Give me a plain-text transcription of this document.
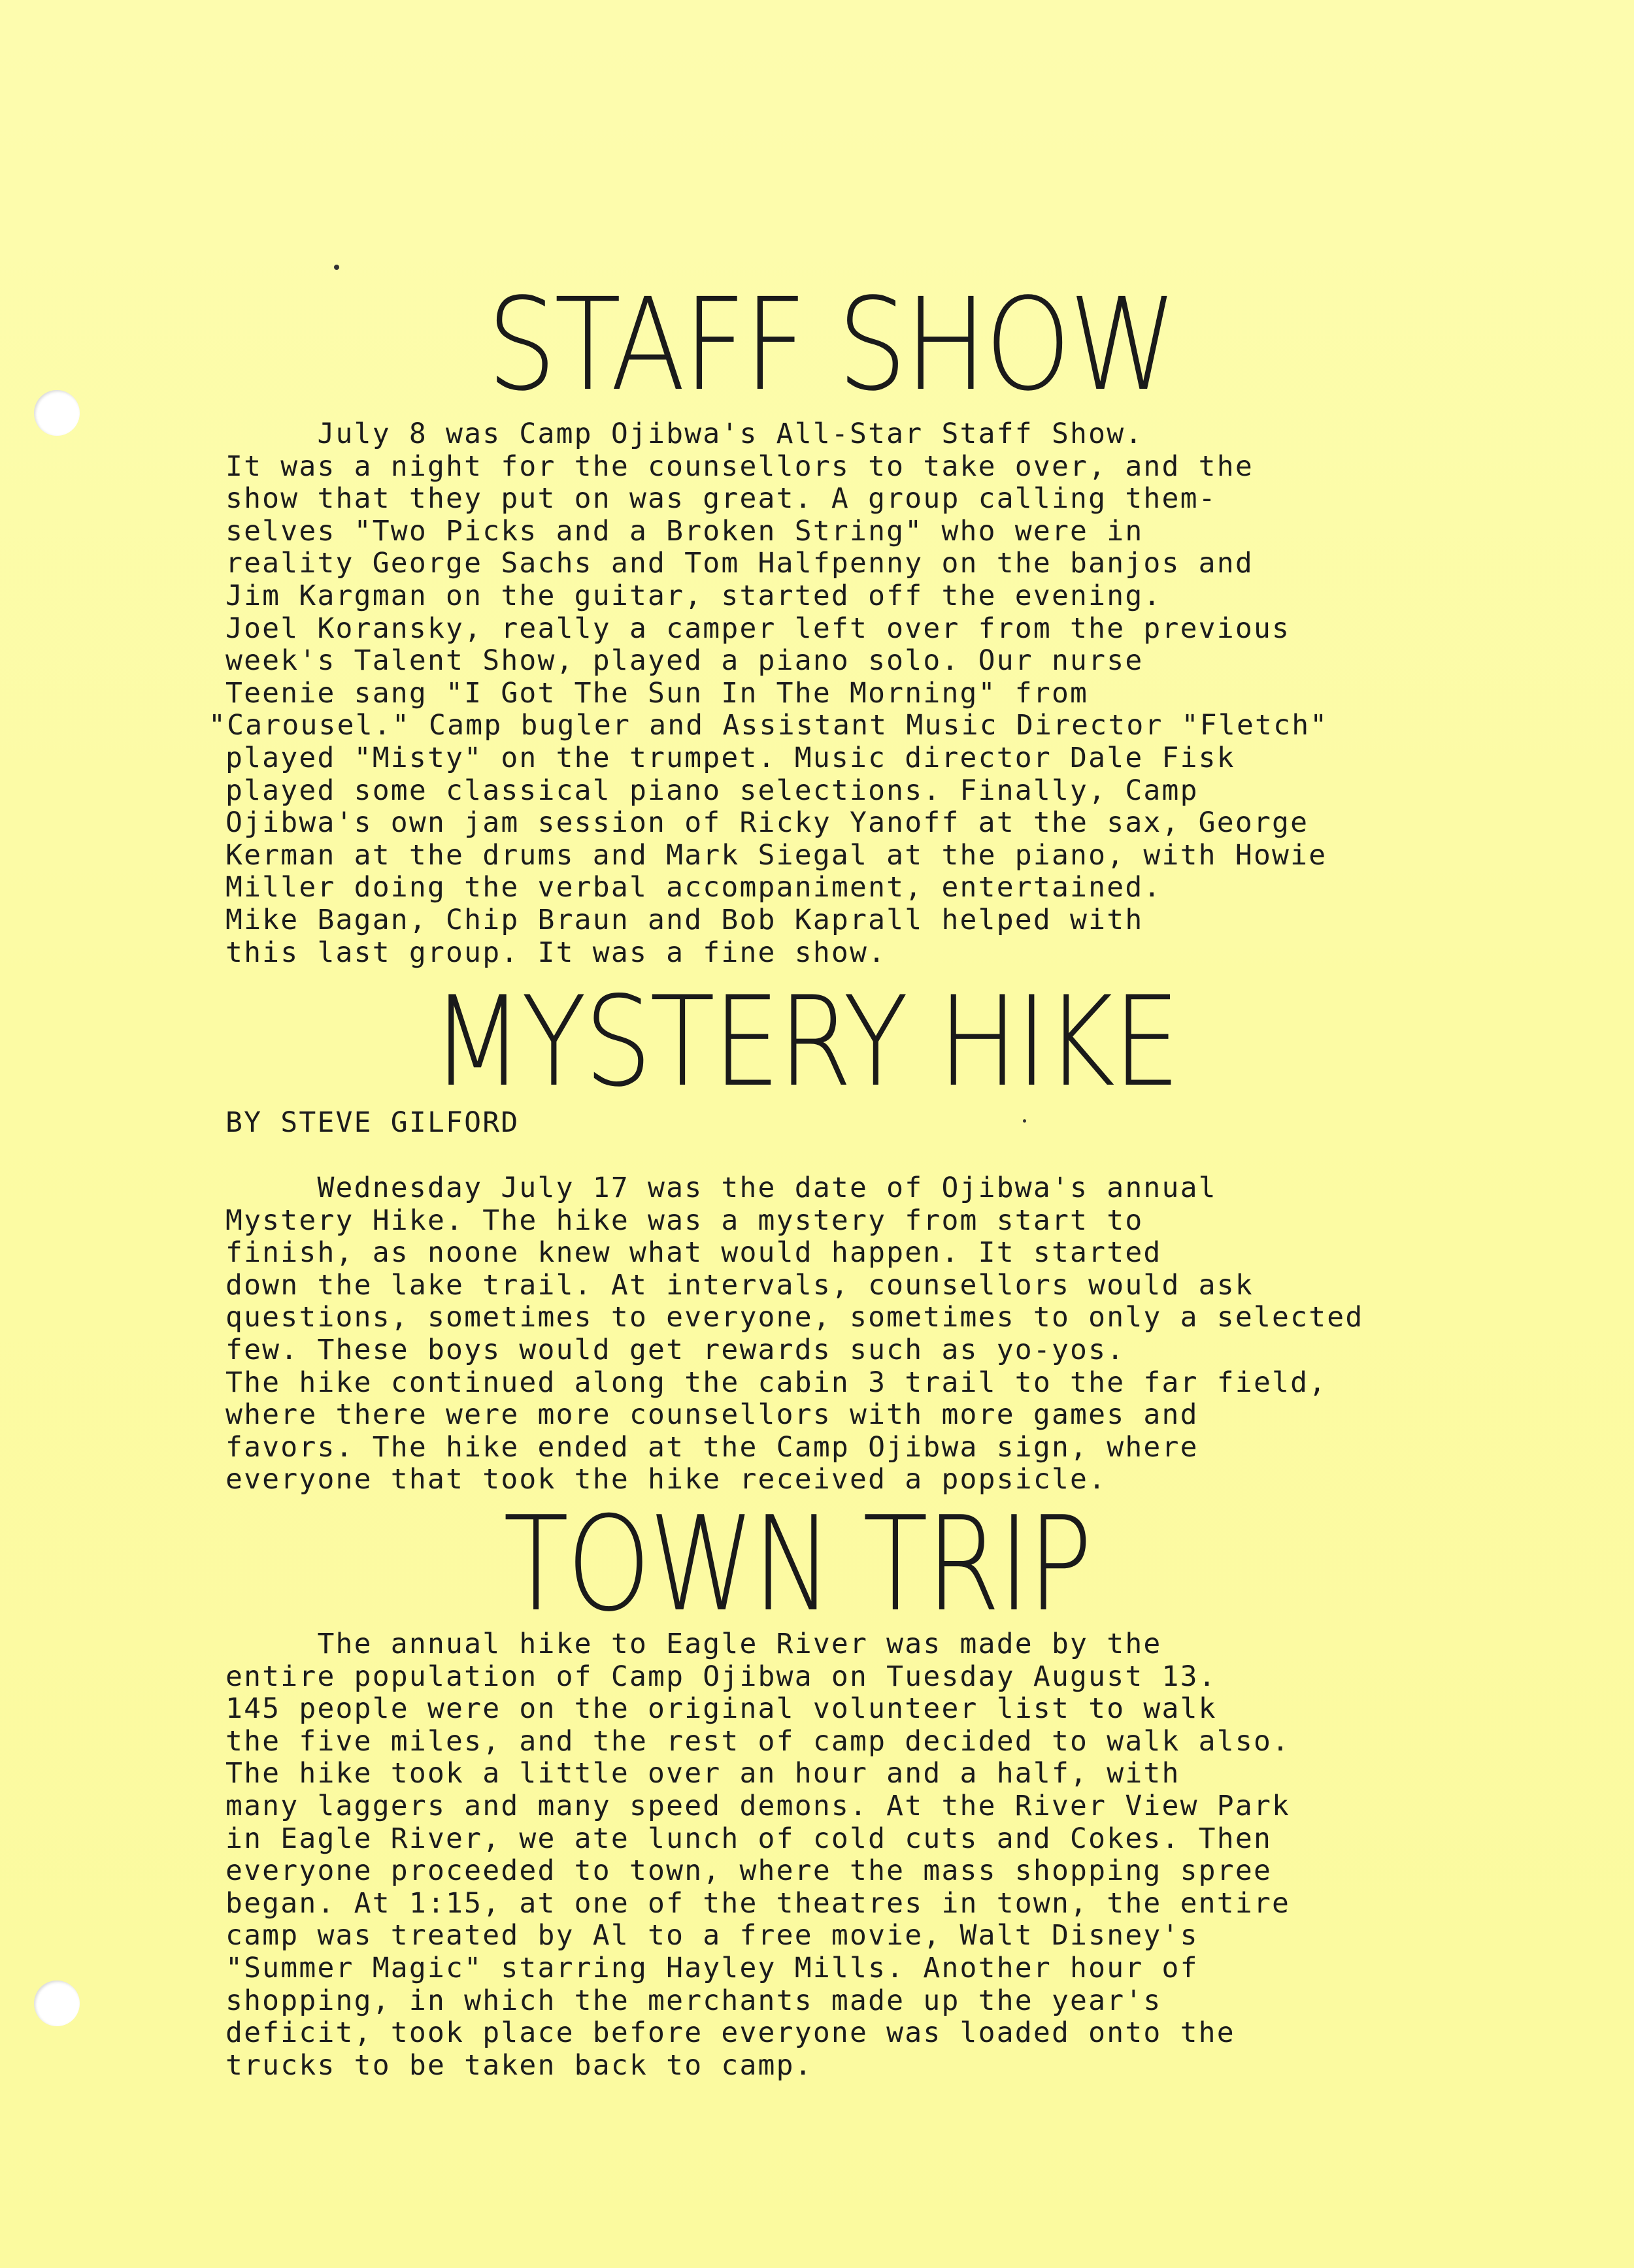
STAFF SHOW
July 8 was Camp Ojibwa's All-Star Staff Show.
It was a night for the counsellors to take over, and the
show that they put on was great. A group calling them-
selves "Two Picks and a Broken String" who were in
reality George Sachs and Tom Halfpenny on the banjos and
Jim Kargman on the guitar, started off the evening.
Joel Koransky, really a camper left over from the previous
week's Talent Show, played a piano solo. Our nurse
Teenie sang "I Got The Sun In The Morning" from
"Carousel." Camp bugler and Assistant Music Director "Fletch"
played "Misty" on the trumpet. Music director Dale Fisk
played some classical piano selections. Finally, Camp
Ojibwa's own jam session of Ricky Yanoff at the sax, George
Kerman at the drums and Mark Siegal at the piano, with Howie
Miller doing the verbal accompaniment, entertained.
Mike Bagan, Chip Braun and Bob Kaprall helped with
this last group. It was a fine show.
MYSTERY HIKE
BY STEVE GILFORD
Wednesday July 17 was the date of Ojibwa's annual
Mystery Hike. The hike was a mystery from start to
finish, as noone knew what would happen. It started
down the lake trail. At intervals, counsellors would ask
questions, sometimes to everyone, sometimes to only a selected
few. These boys would get rewards such as yo-yos.
The hike continued along the cabin 3 trail to the far field,
where there were more counsellors with more games and
favors. The hike ended at the Camp Ojibwa sign, where
everyone that took the hike received a popsicle.
TOWN TRIP
The annual hike to Eagle River was made by the
entire population of Camp Ojibwa on Tuesday August 13.
145 people were on the original volunteer list to walk
the five miles, and the rest of camp decided to walk also.
The hike took a little over an hour and a half, with
many laggers and many speed demons. At the River View Park
in Eagle River, we ate lunch of cold cuts and Cokes. Then
everyone proceeded to town, where the mass shopping spree
began. At 1:15, at one of the theatres in town, the entire
camp was treated by Al to a free movie, Walt Disney's
"Summer Magic" starring Hayley Mills. Another hour of
shopping, in which the merchants made up the year's
deficit, took place before everyone was loaded onto the
trucks to be taken back to camp.
